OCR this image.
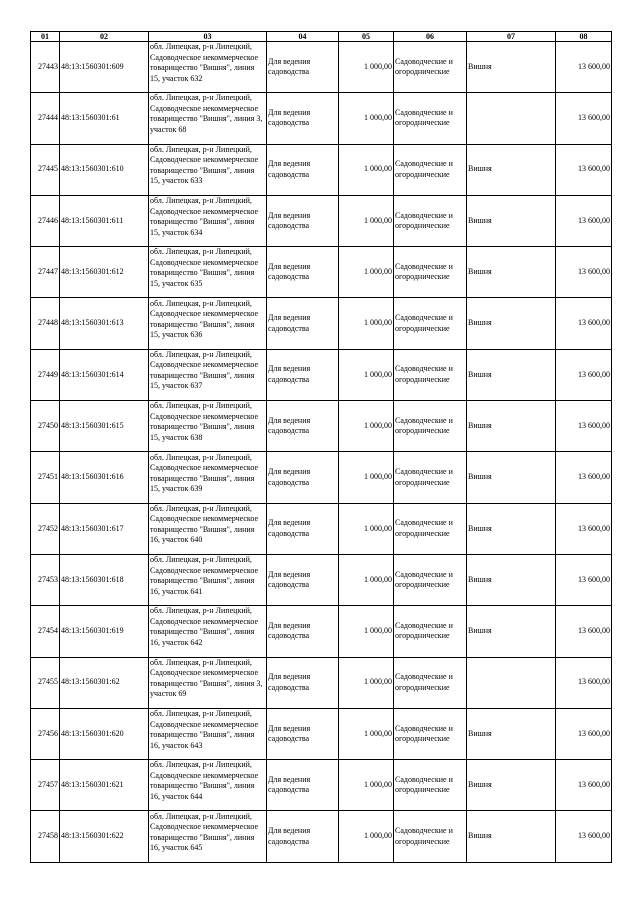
01	02	03	04	05	06	07	08
27443	48:13:1560301:609	обл. Липецкая, р-н Липецкий, Садоводческое некоммерческое товарищество "Вишня", линия 15, участок 632	Для ведения садоводства	1 000,00	Садоводческие и огороднические	Вишня	13 600,00
27444	48:13:1560301:61	обл. Липецкая, р-н Липецкий, Садоводческое некоммерческое товарищество "Вишня", линия 3, участок 68	Для ведения садоводства	1 000,00	Садоводческие и огороднические		13 600,00
27445	48:13:1560301:610	обл. Липецкая, р-н Липецкий, Садоводческое некоммерческое товарищество "Вишня", линия 15, участок 633	Для ведения садоводства	1 000,00	Садоводческие и огороднические	Вишня	13 600,00
27446	48:13:1560301:611	обл. Липецкая, р-н Липецкий, Садоводческое некоммерческое товарищество "Вишня", линия 15, участок 634	Для ведения садоводства	1 000,00	Садоводческие и огороднические	Вишня	13 600,00
27447	48:13:1560301:612	обл. Липецкая, р-н Липецкий, Садоводческое некоммерческое товарищество "Вишня", линия 15, участок 635	Для ведения садоводства	1 000,00	Садоводческие и огороднические	Вишня	13 600,00
27448	48:13:1560301:613	обл. Липецкая, р-н Липецкий, Садоводческое некоммерческое товарищество "Вишня", линия 15, участок 636	Для ведения садоводства	1 000,00	Садоводческие и огороднические	Вишня	13 600,00
27449	48:13:1560301:614	обл. Липецкая, р-н Липецкий, Садоводческое некоммерческое товарищество "Вишня", линия 15, участок 637	Для ведения садоводства	1 000,00	Садоводческие и огороднические	Вишня	13 600,00
27450	48:13:1560301:615	обл. Липецкая, р-н Липецкий, Садоводческое некоммерческое товарищество "Вишня", линия 15, участок 638	Для ведения садоводства	1 000,00	Садоводческие и огороднические	Вишня	13 600,00
27451	48:13:1560301:616	обл. Липецкая, р-н Липецкий, Садоводческое некоммерческое товарищество "Вишня", линия 15, участок 639	Для ведения садоводства	1 000,00	Садоводческие и огороднические	Вишня	13 600,00
27452	48:13:1560301:617	обл. Липецкая, р-н Липецкий, Садоводческое некоммерческое товарищество "Вишня", линия 16, участок 640	Для ведения садоводства	1 000,00	Садоводческие и огороднические	Вишня	13 600,00
27453	48:13:1560301:618	обл. Липецкая, р-н Липецкий, Садоводческое некоммерческое товарищество "Вишня", линия 16, участок 641	Для ведения садоводства	1 000,00	Садоводческие и огороднические	Вишня	13 600,00
27454	48:13:1560301:619	обл. Липецкая, р-н Липецкий, Садоводческое некоммерческое товарищество "Вишня", линия 16, участок 642	Для ведения садоводства	1 000,00	Садоводческие и огороднические	Вишня	13 600,00
27455	48:13:1560301:62	обл. Липецкая, р-н Липецкий, Садоводческое некоммерческое товарищество "Вишня", линия 3, участок 69	Для ведения садоводства	1 000,00	Садоводческие и огороднические		13 600,00
27456	48:13:1560301:620	обл. Липецкая, р-н Липецкий, Садоводческое некоммерческое товарищество "Вишня", линия 16, участок 643	Для ведения садоводства	1 000,00	Садоводческие и огороднические	Вишня	13 600,00
27457	48:13:1560301:621	обл. Липецкая, р-н Липецкий, Садоводческое некоммерческое товарищество "Вишня", линия 16, участок 644	Для ведения садоводства	1 000,00	Садоводческие и огороднические	Вишня	13 600,00
27458	48:13:1560301:622	обл. Липецкая, р-н Липецкий, Садоводческое некоммерческое товарищество "Вишня", линия 16, участок 645	Для ведения садоводства	1 000,00	Садоводческие и огороднические	Вишня	13 600,00
